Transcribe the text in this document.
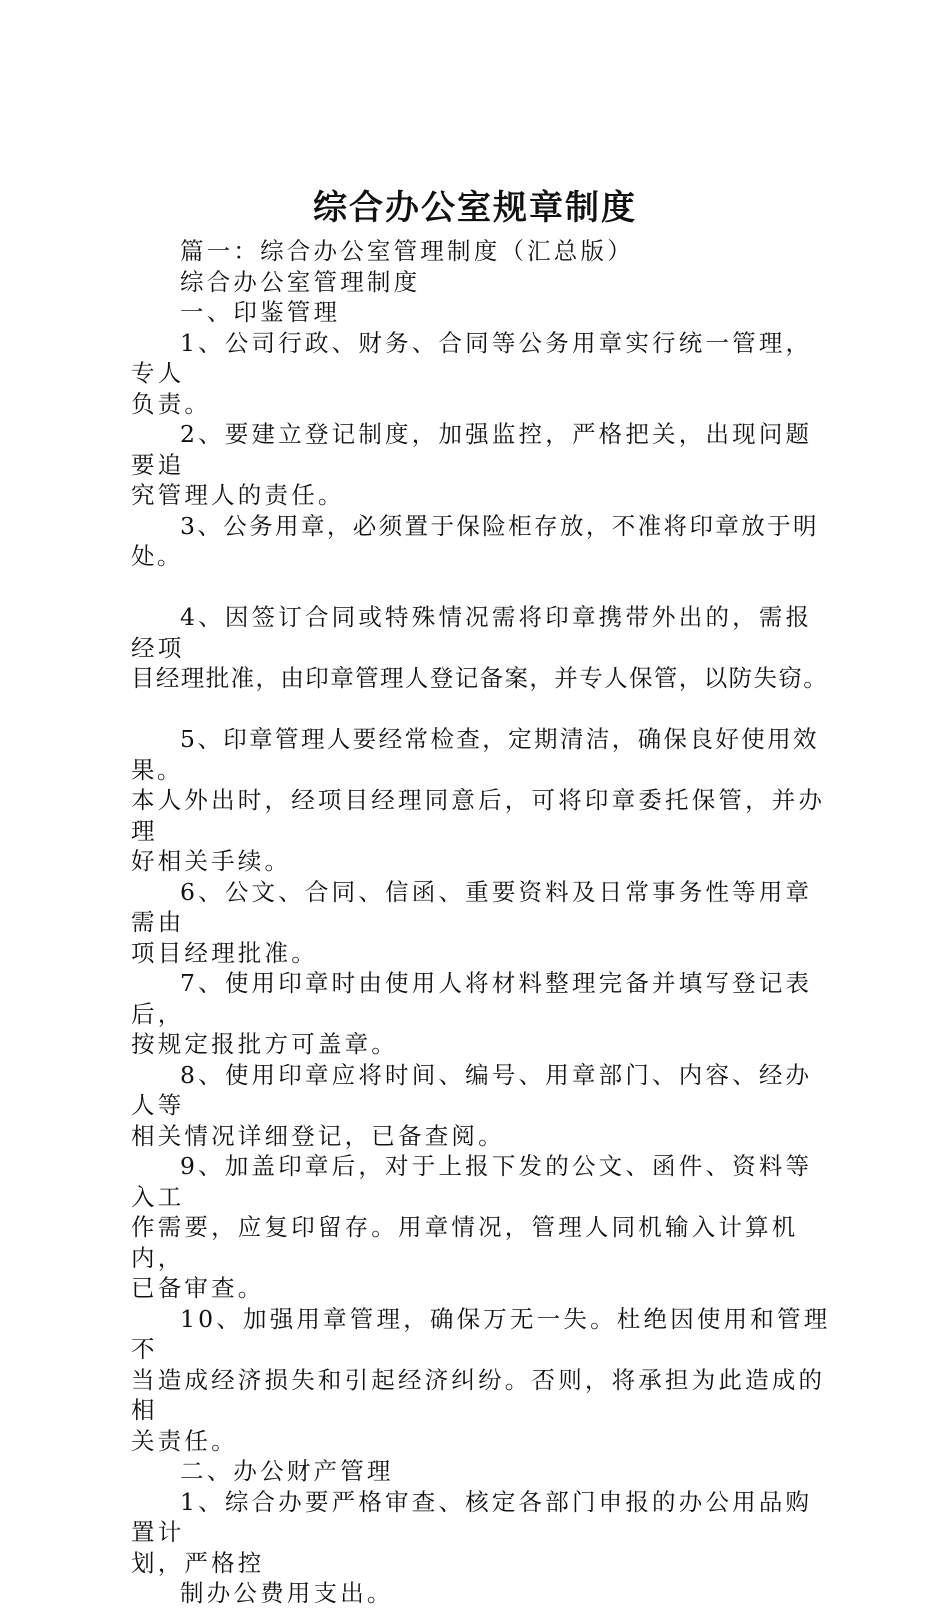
综合办公室规章制度

篇一：综合办公室管理制度（汇总版）

综合办公室管理制度

一、印鉴管理

1、公司行政、财务、合同等公务用章实行统一管理，专人
负责。

2、要建立登记制度，加强监控，严格把关，出现问题要追
究管理人的责任。

3、公务用章，必须置于保险柜存放，不准将印章放于明处。

4、因签订合同或特殊情况需将印章携带外出的，需报经项
目经理批准，由印章管理人登记备案，并专人保管，以防失窃。

5、印章管理人要经常检查，定期清洁，确保良好使用效果。
本人外出时，经项目经理同意后，可将印章委托保管，并办理
好相关手续。

6、公文、合同、信函、重要资料及日常事务性等用章需由
项目经理批准。

7、使用印章时由使用人将材料整理完备并填写登记表后，
按规定报批方可盖章。

8、使用印章应将时间、编号、用章部门、内容、经办人等
相关情况详细登记，已备查阅。

9、加盖印章后，对于上报下发的公文、函件、资料等入工
作需要，应复印留存。用章情况，管理人同机输入计算机内，
已备审查。

10、加强用章管理，确保万无一失。杜绝因使用和管理不
当造成经济损失和引起经济纠纷。否则，将承担为此造成的相
关责任。

二、办公财产管理

1、综合办要严格审查、核定各部门申报的办公用品购置计
划，严格控

制办公费用支出。
